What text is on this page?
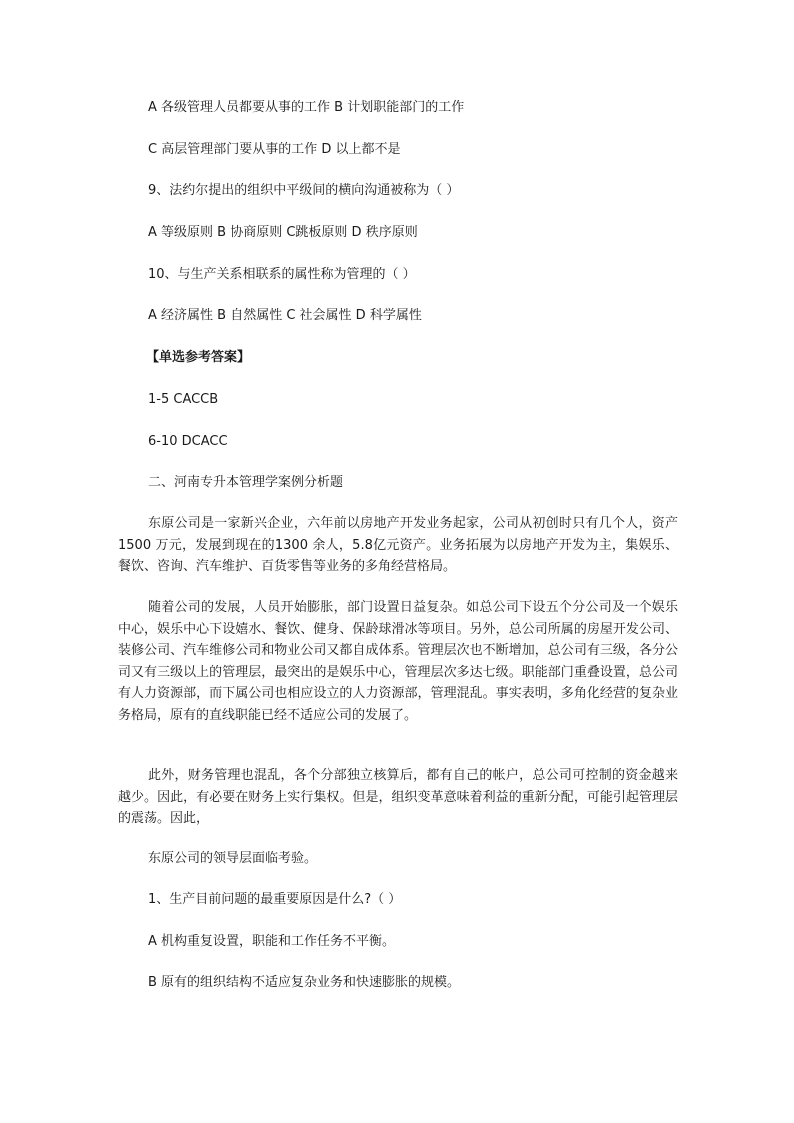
A 各级管理人员都要从事的工作 B 计划职能部门的工作
C 高层管理部门要从事的工作 D 以上都不是
9、法约尔提出的组织中平级间的横向沟通被称为（ ）
A 等级原则 B 协商原则 C跳板原则 D 秩序原则
10、与生产关系相联系的属性称为管理的（ ）
A 经济属性 B 自然属性 C 社会属性 D 科学属性
【单选参考答案】
1-5 CACCB
6-10 DCACC
二、河南专升本管理学案例分析题
东原公司是一家新兴企业，六年前以房地产开发业务起家，公司从初创时只有几个人，资产 1500 万元，发展到现在的1300 余人，5.8亿元资产。业务拓展为以房地产开发为主，集娱乐、餐饮、咨询、汽车维护、百货零售等业务的多角经营格局。
随着公司的发展，人员开始膨胀，部门设置日益复杂。如总公司下设五个分公司及一个娱乐中心，娱乐中心下设嬉水、餐饮、健身、保龄球滑冰等项目。另外，总公司所属的房屋开发公司、装修公司、汽车维修公司和物业公司又都自成体系。管理层次也不断增加，总公司有三级，各分公司又有三级以上的管理层，最突出的是娱乐中心，管理层次多达七级。职能部门重叠设置，总公司有人力资源部，而下属公司也相应设立的人力资源部，管理混乱。事实表明，多角化经营的复杂业务格局，原有的直线职能已经不适应公司的发展了。
此外，财务管理也混乱，各个分部独立核算后，都有自己的帐户，总公司可控制的资金越来越少。因此，有必要在财务上实行集权。但是，组织变革意味着利益的重新分配，可能引起管理层的震荡。因此，
东原公司的领导层面临考验。
1、生产目前问题的最重要原因是什么?（ ）
A 机构重复设置，职能和工作任务不平衡。
B 原有的组织结构不适应复杂业务和快速膨胀的规模。
